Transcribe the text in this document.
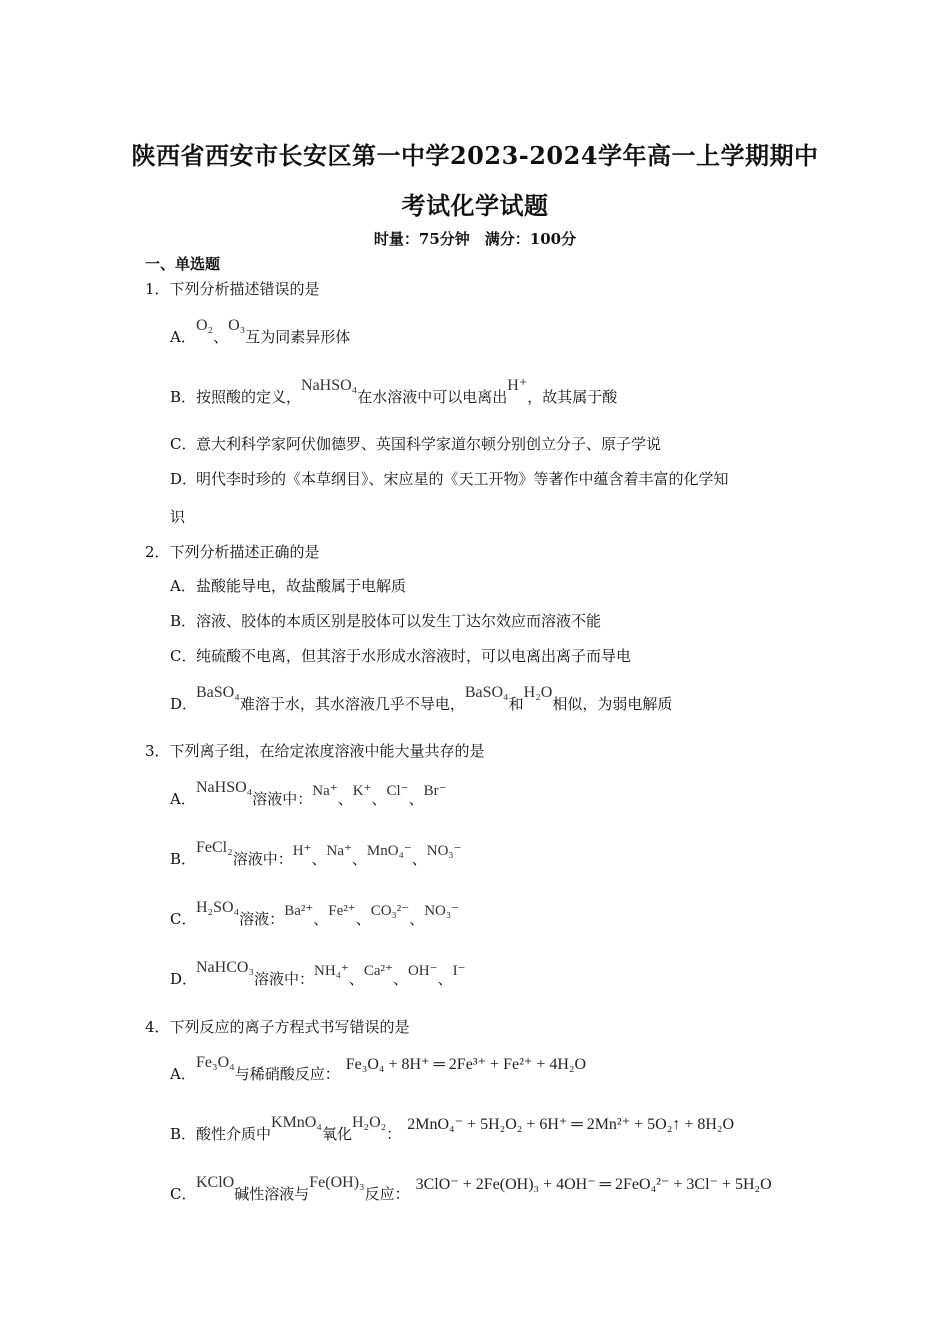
陕西省西安市长安区第一中学2023-2024学年高一上学期期中
考试化学试题
时量：75分钟　满分：100分
一、单选题
1．下列分析描述错误的是
A．O₂、O₃互为同素异形体
B．按照酸的定义，NaHSO₄在水溶液中可以电离出H⁺，故其属于酸
C．意大利科学家阿伏伽德罗、英国科学家道尔顿分别创立分子、原子学说
D．明代李时珍的《本草纲目》、宋应星的《天工开物》等著作中蕴含着丰富的化学知
识
2．下列分析描述正确的是
A．盐酸能导电，故盐酸属于电解质
B．溶液、胶体的本质区别是胶体可以发生丁达尔效应而溶液不能
C．纯硫酸不电离，但其溶于水形成水溶液时，可以电离出离子而导电
D．BaSO₄难溶于水，其水溶液几乎不导电，BaSO₄和H₂O相似，为弱电解质
3．下列离子组，在给定浓度溶液中能大量共存的是
A．NaHSO₄溶液中：Na⁺、K⁺、Cl⁻、Br⁻
B．FeCl₂溶液中：H⁺、Na⁺、MnO₄⁻、NO₃⁻
C．H₂SO₄溶液：Ba²⁺、Fe²⁺、CO₃²⁻、NO₃⁻
D．NaHCO₃溶液中：NH₄⁺、Ca²⁺、OH⁻、I⁻
4．下列反应的离子方程式书写错误的是
A．Fe₃O₄与稀硝酸反应：Fe₃O₄ + 8H⁺ ═ 2Fe³⁺ + Fe²⁺ + 4H₂O
B．酸性介质中KMnO₄氧化H₂O₂：2MnO₄⁻ + 5H₂O₂ + 6H⁺ ═ 2Mn²⁺ + 5O₂↑ + 8H₂O
C．KClO碱性溶液与Fe(OH)₃反应：3ClO⁻ + 2Fe(OH)₃ + 4OH⁻ ═ 2FeO₄²⁻ + 3Cl⁻ + 5H₂O
